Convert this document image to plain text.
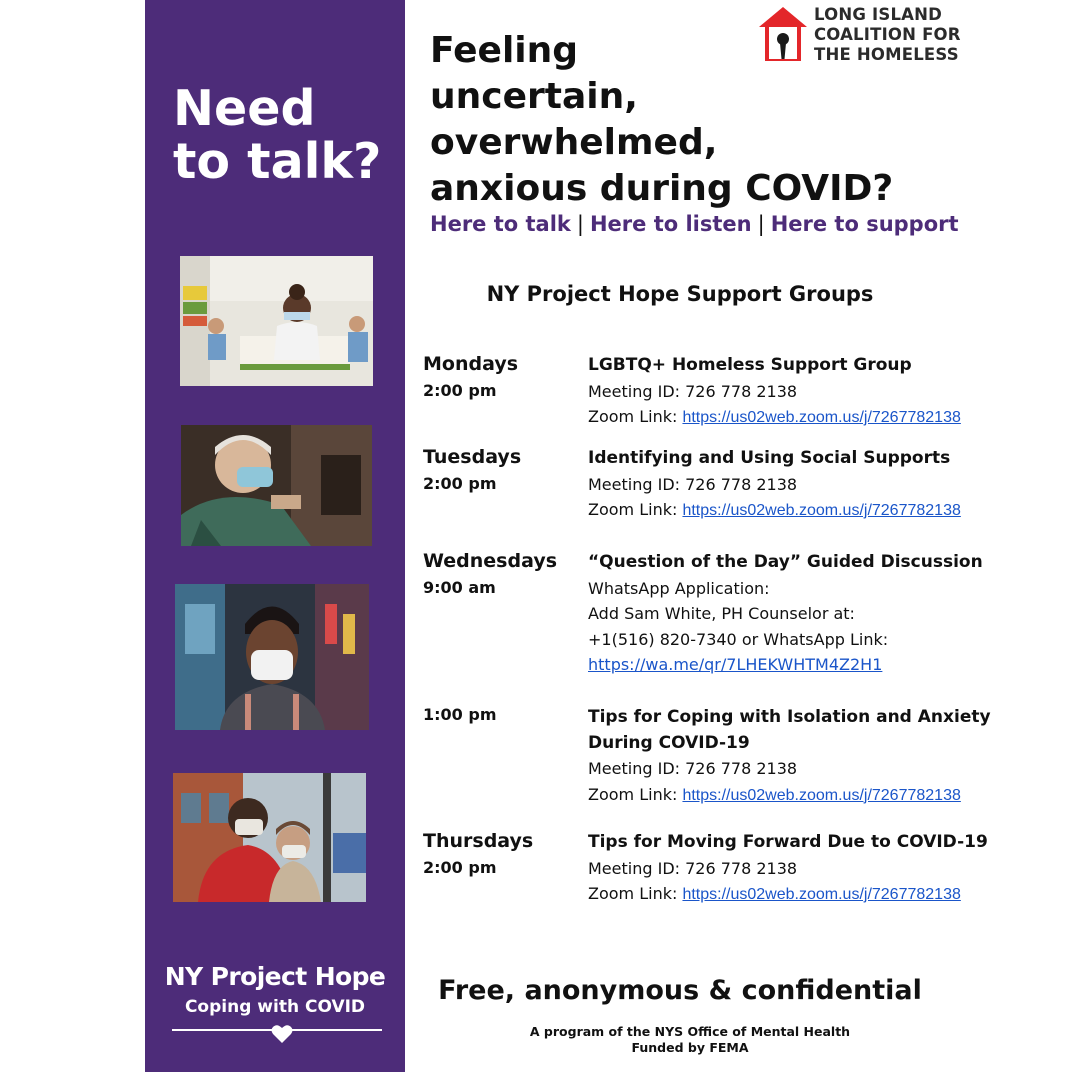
Need
to talk?
NY Project Hope
Coping with COVID
LONG ISLAND
COALITION FOR
THE HOMELESS
Feeling
uncertain,
overwhelmed,
anxious during COVID?
Here to talk | Here to listen | Here to support
NY Project Hope Support Groups
Mondays
2:00 pm
LGBTQ+ Homeless Support Group
Meeting ID: 726 778 2138
Zoom Link: https://us02web.zoom.us/j/7267782138
Tuesdays
2:00 pm
Identifying and Using Social Supports
Meeting ID: 726 778 2138
Zoom Link: https://us02web.zoom.us/j/7267782138
Wednesdays
9:00 am
“Question of the Day” Guided Discussion
WhatsApp Application:
Add Sam White, PH Counselor at:
+1(516) 820-7340 or WhatsApp Link:
https://wa.me/qr/7LHEKWHTM4Z2H1
1:00 pm	Tips for Coping with Isolation and Anxiety
During COVID-19
Meeting ID: 726 778 2138
Zoom Link: https://us02web.zoom.us/j/7267782138
Thursdays
2:00 pm
Tips for Moving Forward Due to COVID-19
Meeting ID: 726 778 2138
Zoom Link: https://us02web.zoom.us/j/7267782138
Free, anonymous & confidential
A program of the NYS Office of Mental Health
Funded by FEMA
